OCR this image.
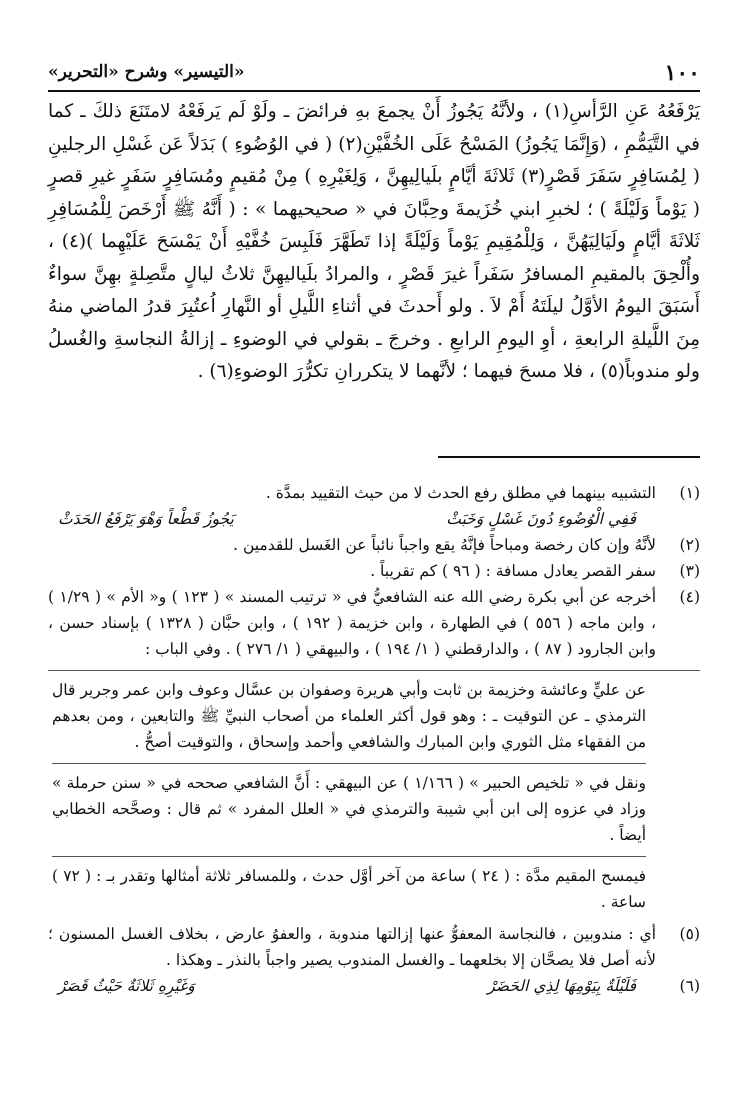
١٠٠
«التيسير» وشرح «التحرير»

يَرْفَعُهُ عَنِ الرَّأسِ(١) ، ولأنَّهُ يَجُوزُ أَنْ يجمعَ بهِ فرائضَ ـ ولَوْ لَم يَرفَعْهُ لامتَنَعَ ذلكَ ـ كما في التَّيَمُّمِ ، (وَإِنَّمَا يَجُوزُ) المَسْحُ عَلَى الخُفَّيْنِ(٢) ( في الوُضُوءِ ) بَدَلاً عَن غَسْلِ الرجلينِ ( لِمُسَافِرٍ سَفَرَ قَصْرٍ(٣) ثَلاثَةَ أيَّامٍ بلَيالِيهِنَّ ، وَلِغَيْرِهِ ) مِنْ مُقيمٍ ومُسَافِرٍ سَفَرٍ غيرِ قصرٍ ( يَوْماً وَلَيْلَةً ) ؛ لخبرِ ابني خُزَيمةَ وحِبَّانَ في « صحيحيهما » : ( أَنَّهُ ﷺ أَرْخَصَ لِلْمُسَافِرِ ثَلاثَةَ أيَّامٍ ولَيَالِيَهُنَّ ، وَلِلْمُقِيمِ يَوْماً وَلَيْلَةً إذا تَطَهَّرَ فَلَبِسَ خُفَّيْهِ أَنْ يَمْسَحَ عَلَيْهِما )(٤) ، وأُلْحِقَ بالمقيمِ المسافرُ سَفَراً غيرَ قَصْرٍ ، والمرادُ بلَياليهِنَّ ثلاثُ ليالٍ متَّصِلةٍ بهِنَّ سواءٌ أَسَبَقَ اليومُ الأوَّلُ ليلَتَهُ أَمْ لاَ . ولو أَحدثَ في أثناءِ اللَّيلِ أو النَّهارِ اُعتُبِرَ قدرُ الماضي منهُ مِنَ اللَّيلةِ الرابعةِ ، أوِ اليومِ الرابعِ . وخرجَ ـ بقولي في الوضوءِ ـ إزالةُ النجاسةِ والغُسلُ ولو مندوباً(٥) ، فلا مسحَ فيهما ؛ لأنَّهما لا يتكررانِ تكرُّرَ الوضوءِ(٦) .

(١)
التشبيه بينهما في مطلق رفع الحدث لا من حيث التقييد بمدَّة .
فَفِي الْوُضُوءِ دُونَ غَسْلٍ وَخَبَثْ
يَجُوزُ قَطْعاً وَهْوَ يَرْفَعُ الحَدَثْ
(٢)
لأنَّهُ وإن كان رخصة ومباحاً فإنَّهُ يقع واجباً نائباً عن الغَسل للقدمين .
(٣)
سفر القصر يعادل مسافة : ( ٩٦ ) كم تقريباً .
(٤)
أخرجه عن أبي بكرة رضي الله عنه الشافعيُّ في « ترتيب المسند » ( ١٢٣ ) و« الأم » ( ١/٢٩ ) ، وابن ماجه ( ٥٥٦ ) في الطهارة ، وابن خزيمة ( ١٩٢ ) ، وابن حبَّان ( ١٣٢٨ ) بإسناد حسن ، وابن الجارود ( ٨٧ ) ، والدارقطني ( ١/ ١٩٤ ) ، والبيهقي ( ١/ ٢٧٦ ) . وفي الباب :

عن عليٍّ وعائشة وخزيمة بن ثابت وأبي هريرة وصفوان بن عسَّال وعوف وابن عمر وجرير قال الترمذي ـ عن التوقيت ـ : وهو قول أكثر العلماء من أصحاب النبيِّ ﷺ والتابعين ، ومن بعدهم من الفقهاء مثل الثوري وابن المبارك والشافعي وأحمد وإسحاق ، والتوقيت أصحُّ .

ونقل في « تلخيص الحبير » ( ١/١٦٦ ) عن البيهقي : أَنَّ الشافعي صححه في « سنن حرملة » وزاد في عزوه إلى ابن أبي شيبة والترمذي في « العلل المفرد » ثم قال : وصحَّحه الخطابي أيضاً .

فيمسح المقيم مدَّة : ( ٢٤ ) ساعة من آخر أوَّل حدث ، وللمسافر ثلاثة أمثالها وتقدر بـ : ( ٧٢ ) ساعة .

(٥)
أي : مندوبين ، فالنجاسة المعفوُّ عنها إزالتها مندوبة ، والعفوُ عارض ، بخلاف الغسل المسنون ؛ لأنه أصل فلا يصحَّان إلا بخلعهما ـ والغسل المندوب يصير واجباً بالنذر ـ وهكذا .
(٦)
فَلَيْلَةٌ بِيَوْمِهَا لِذِي الحَضَرْ
وَغَيْرِهِ ثَلاثَةٌ حَيْثُ قَصَرْ
